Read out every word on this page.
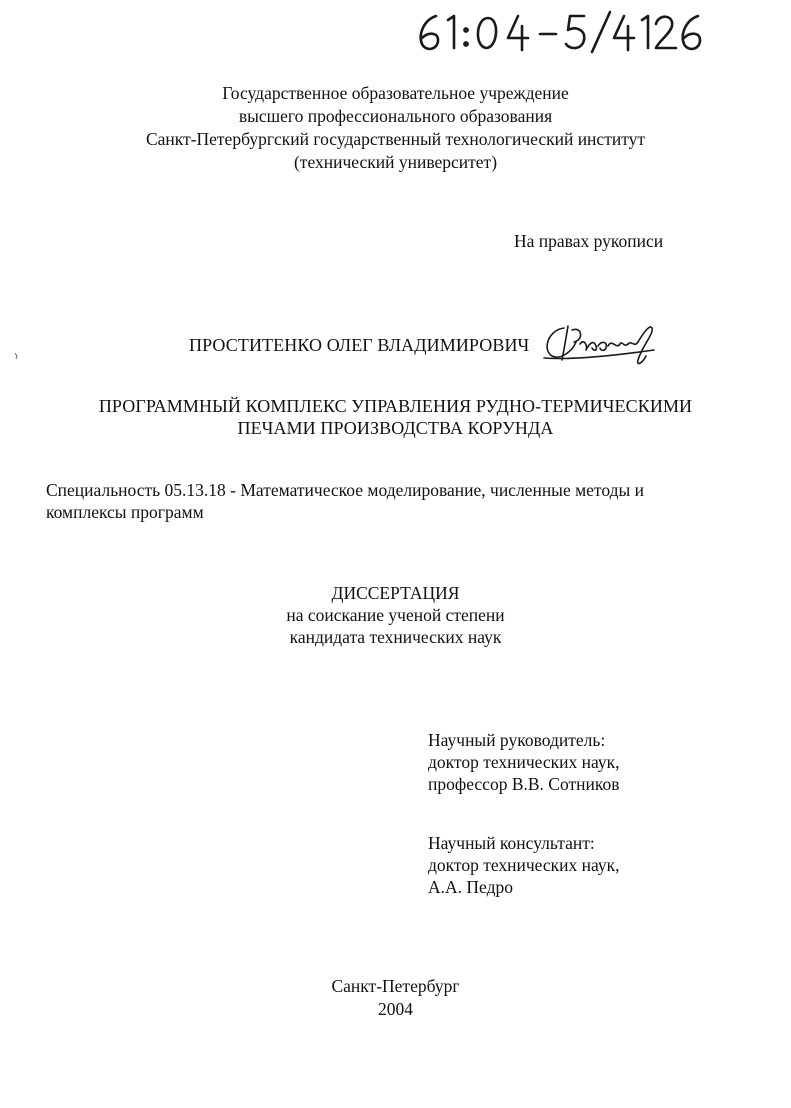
Государственное образовательное учреждение
высшего профессионального образования
Санкт-Петербургский государственный технологический институт
(технический университет)
На правах рукописи
ПРОСТИТЕНКО ОЛЕГ ВЛАДИМИРОВИЧ
ПРОГРАММНЫЙ КОМПЛЕКС УПРАВЛЕНИЯ РУДНО-ТЕРМИЧЕСКИМИ
ПЕЧАМИ ПРОИЗВОДСТВА КОРУНДА
Специальность 05.13.18 - Математическое моделирование, численные методы и
комплексы программ
ДИССЕРТАЦИЯ
на соискание ученой степени
кандидата технических наук
Научный руководитель:
доктор технических наук,
профессор В.В. Сотников
Научный консультант:
доктор технических наук,
А.А. Педро
Санкт-Петербург
2004
